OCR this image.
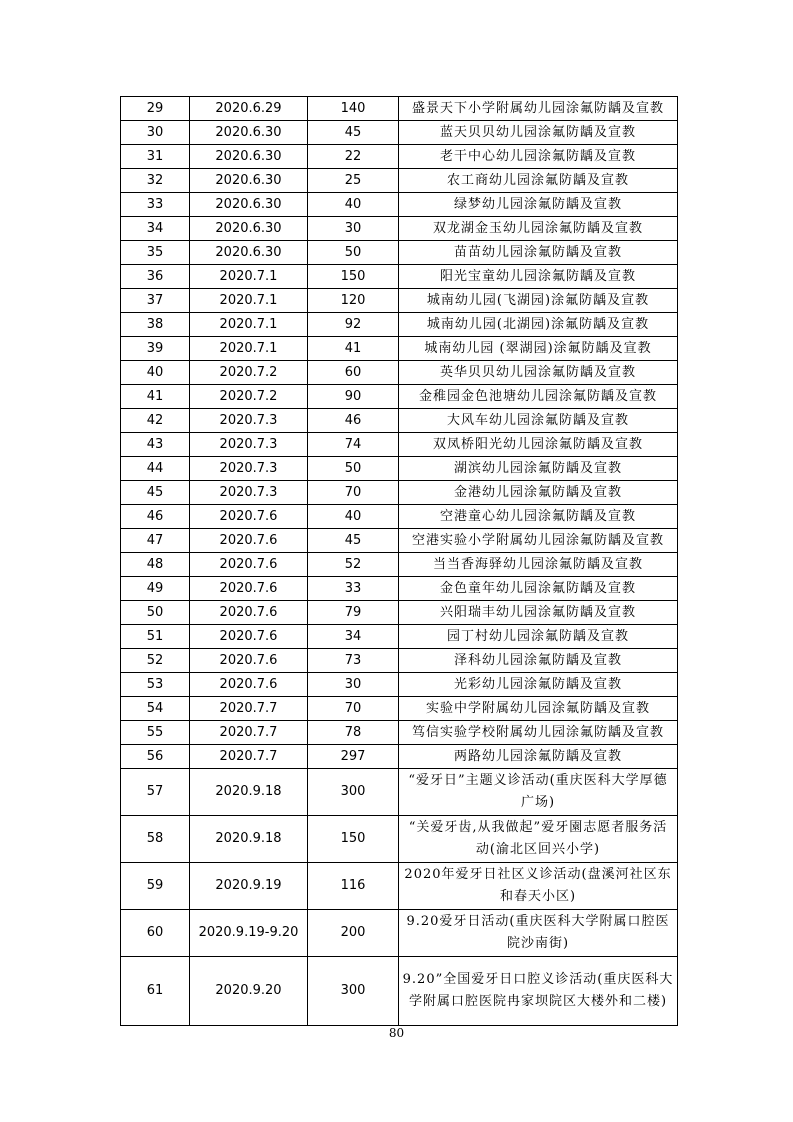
29	2020.6.29	140	盛景天下小学附属幼儿园涂氟防龋及宣教
30	2020.6.30	45	蓝天贝贝幼儿园涂氟防龋及宣教
31	2020.6.30	22	老干中心幼儿园涂氟防龋及宣教
32	2020.6.30	25	农工商幼儿园涂氟防龋及宣教
33	2020.6.30	40	绿梦幼儿园涂氟防龋及宣教
34	2020.6.30	30	双龙湖金玉幼儿园涂氟防龋及宣教
35	2020.6.30	50	苗苗幼儿园涂氟防龋及宣教
36	2020.7.1	150	阳光宝童幼儿园涂氟防龋及宣教
37	2020.7.1	120	城南幼儿园(飞湖园)涂氟防龋及宣教
38	2020.7.1	92	城南幼儿园(北湖园)涂氟防龋及宣教
39	2020.7.1	41	城南幼儿园 (翠湖园)涂氟防龋及宣教
40	2020.7.2	60	英华贝贝幼儿园涂氟防龋及宣教
41	2020.7.2	90	金稚园金色池塘幼儿园涂氟防龋及宣教
42	2020.7.3	46	大风车幼儿园涂氟防龋及宣教
43	2020.7.3	74	双凤桥阳光幼儿园涂氟防龋及宣教
44	2020.7.3	50	湖滨幼儿园涂氟防龋及宣教
45	2020.7.3	70	金港幼儿园涂氟防龋及宣教
46	2020.7.6	40	空港童心幼儿园涂氟防龋及宣教
47	2020.7.6	45	空港实验小学附属幼儿园涂氟防龋及宣教
48	2020.7.6	52	当当香海驿幼儿园涂氟防龋及宣教
49	2020.7.6	33	金色童年幼儿园涂氟防龋及宣教
50	2020.7.6	79	兴阳瑞丰幼儿园涂氟防龋及宣教
51	2020.7.6	34	园丁村幼儿园涂氟防龋及宣教
52	2020.7.6	73	泽科幼儿园涂氟防龋及宣教
53	2020.7.6	30	光彩幼儿园涂氟防龋及宣教
54	2020.7.7	70	实验中学附属幼儿园涂氟防龋及宣教
55	2020.7.7	78	笃信实验学校附属幼儿园涂氟防龋及宣教
56	2020.7.7	297	两路幼儿园涂氟防龋及宣教
57	2020.9.18	300	“爱牙日”主题义诊活动(重庆医科大学厚德广场)
58	2020.9.18	150	“关爱牙齿,从我做起”爱牙園志愿者服务活动(渝北区回兴小学)
59	2020.9.19	116	2020年爱牙日社区义诊活动(盘溪河社区东和春天小区)
60	2020.9.19-9.20	200	9.20爱牙日活动(重庆医科大学附属口腔医院沙南街)
61	2020.9.20	300	9.20”全国爱牙日口腔义诊活动(重庆医科大学附属口腔医院冉家坝院区大楼外和二楼)
80
